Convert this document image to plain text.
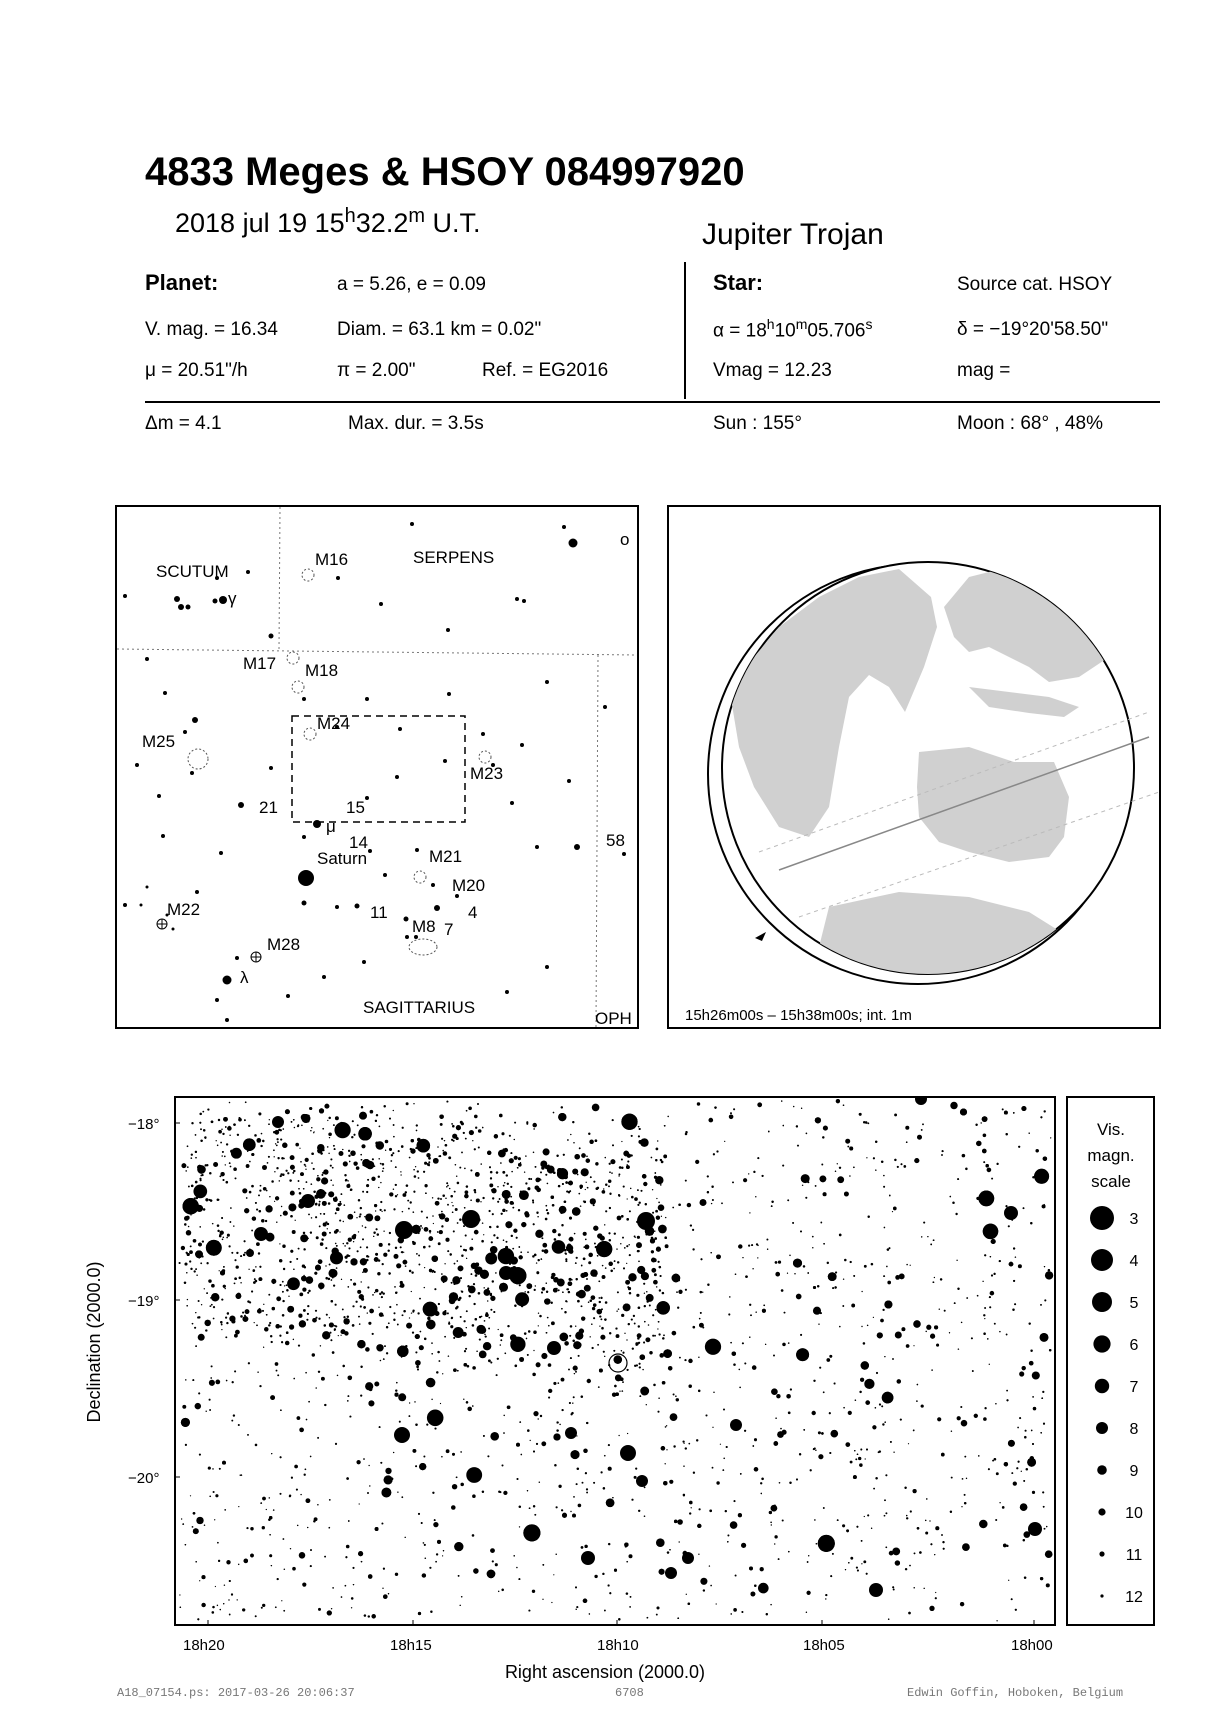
4833 Meges & HSOY 084997920
2018 jul 19 15$^h$32.2$^m$ U.T.	Jupiter Trojan
Planet:	a = 5.26, e = 0.09
V. mag. = 16.34	Diam. = 63.1 km = 0.02"
μ = 20.51"/h	π = 2.00"	Ref. = EG2016
Star:	Source cat. HSOY
$\alpha = 18^h10^m05.706^s$	δ = −19°20'58.50"
Vmag = 12.23	mag =
Δm = 4.1	Max. dur. = 3.5s	Sun : 155°	Moon : 68° , 48%
SCUTUM
SERPENS
SAGITTARIUS
OPH
M16
M17 M18
M24
M25
M23
M21
M20
M22
M8
M28
Saturn
γ
o
μ
λ
21	15
14	58
11	4
7
15h26m00s – 15h38m00s; int. 1m
−18°
−19°
−20°
18h20	18h15	18h10	18h05	18h00
Right ascension (2000.0)
Declination (2000.0)
Vis.
magn.
scale
3
4
5
6
7
8
9
10
11
12
A18_07154.ps: 2017-03-26 20:06:37	6708	Edwin Goffin, Hoboken, Belgium
